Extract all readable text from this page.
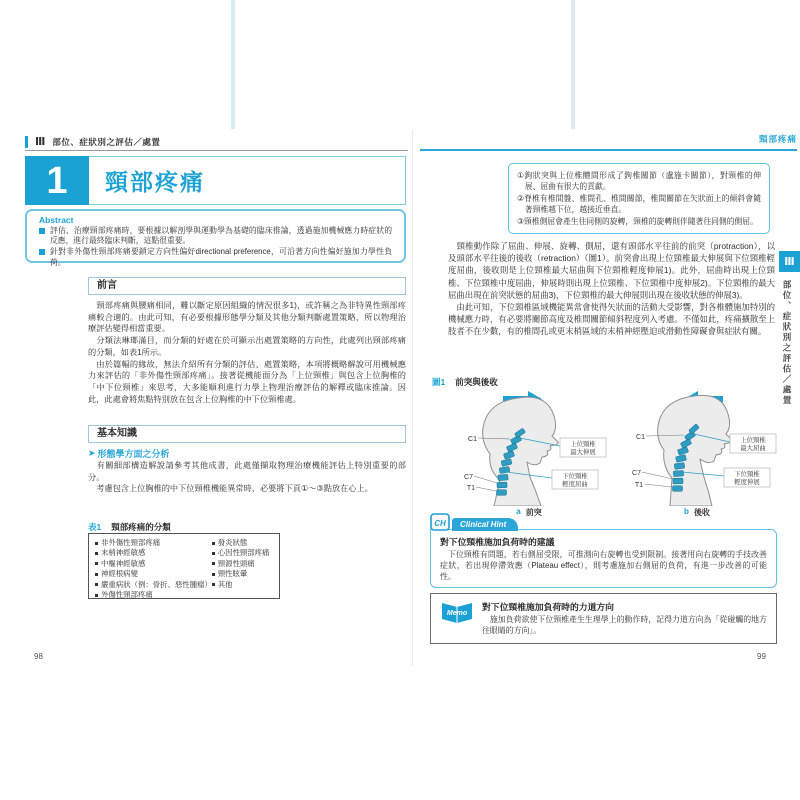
Ⅲ 部位、症狀別之評估／處置
1	頸部疼痛
Abstract
評估、治療頸部疼痛時，要根據以解剖學與運動學為基礎的臨床推論，透過施加機械應力時症狀的反應，進行最終臨床判斷，這點很重要。
針對非外傷性頸部疼痛要鎖定方向性偏好directional preference，可沿著方向性偏好施加力學性負荷。
前言

　頸部疼痛與腰痛相同，難以斷定原因組織的情況很多1)，或許稱之為非特異性頸部疼痛較合適的。由此可知，有必要根據形態學分類及其他分類判斷處置策略，所以物理治療評估變得相當重要。

　分類法琳瑯滿目，而分類的好處在於可顯示出處置策略的方向性，此處列出頸部疼痛的分類，如表1所示。

　由於篇幅的緣故，無法介紹所有分類的評估、處置策略，本項將概略解說可用機械應力來評估的「非外傷性頸部疼痛」。接著從機能面分為「上位頸椎」與包含上位胸椎的「中下位頸椎」來思考，大多能順利進行力學上物理治療評估的解釋或臨床推論。因此，此處會將焦點特別放在包含上位胸椎的中下位頸椎處。

基本知識
➤ 形態學方面之分析

　有關細部構造解說請參考其他成書，此處僅擷取物理治療機能評估上特別重要的部分。

　考慮包含上位胸椎的中下位頸椎機能異常時，必要將下頁①～③點放在心上。

表1 頸部疼痛的分類
非外傷性頸部疼痛
末梢神經敏感
中樞神經敏感
神經根病變
嚴重病狀（例：骨折、惡性腫瘤）
外傷性頸部疼痛
發炎狀態
心因性頸部疼痛
頸源性頭痛
頸性眩暈
其他
98
頸部疼痛

①鉤狀突與上位椎體間形成了鉤椎關節（盧施卡關節），對頸椎的伸展、屈曲有很大的貢獻。

②脊椎有椎間盤、椎間孔、椎間關節，椎間關節在矢狀面上的傾斜會隨著頸椎越下位，越接近垂直。

③頸椎側屈會產生往同側的旋轉，頸椎的旋轉則伴隨著往同側的側屈。

　頸椎動作除了屈曲、伸展、旋轉、側屈，還有頭部水平往前的前突（protraction），以及頭部水平往後的後收（retraction）（圖1）。前突會出現上位頸椎最大伸展與下位頸椎輕度屈曲，後收則是上位頸椎最大屈曲與下位頸椎輕度伸展1)。此外，屈曲時出現上位頸椎、下位頸椎中度屈曲，伸展時則出現上位頸椎、下位頸椎中度伸展2)。下位頸椎的最大屈曲出現在前突狀態的屈曲3)，下位頸椎的最大伸展則出現在後收狀態的伸展3)。

　由此可知，下位頸椎區域機能異常會使得矢狀面的活動大受影響，對各椎體施加特別的機械應力時，有必要將關節高度及椎間關節傾斜程度列入考慮。不僅如此，疼痛擴散至上肢者不在少數，有的椎間孔或更末梢區域的末梢神經壓迫或滑動性障礙會與症狀有關。

圖1 前突與後收
C1
C7
T1
上位頸椎
最大伸展
下位頸椎
輕度屈曲
a 前突
C1
C7
T1
上位頸椎
最大屈曲
下位頸椎
輕度伸展
b 後收
CH	Clinical Hint
對下位頸椎施加負荷時的建議
　下位頸椎有問題，若右側屈受限，可推測向右旋轉也受到限制。接著用向右旋轉的手技改善症狀，若出現停滯效應（Plateau effect），則考慮施加右側屈的負荷，有進一步改善的可能性。
Memo
對下位頸椎施加負荷時的力道方向
　施加負荷欲使下位頸椎產生生理學上的動作時，記得力道方向為「從碰觸的地方往眼睛的方向」。
Ⅲ
部位、症狀別之評估／處置
99
